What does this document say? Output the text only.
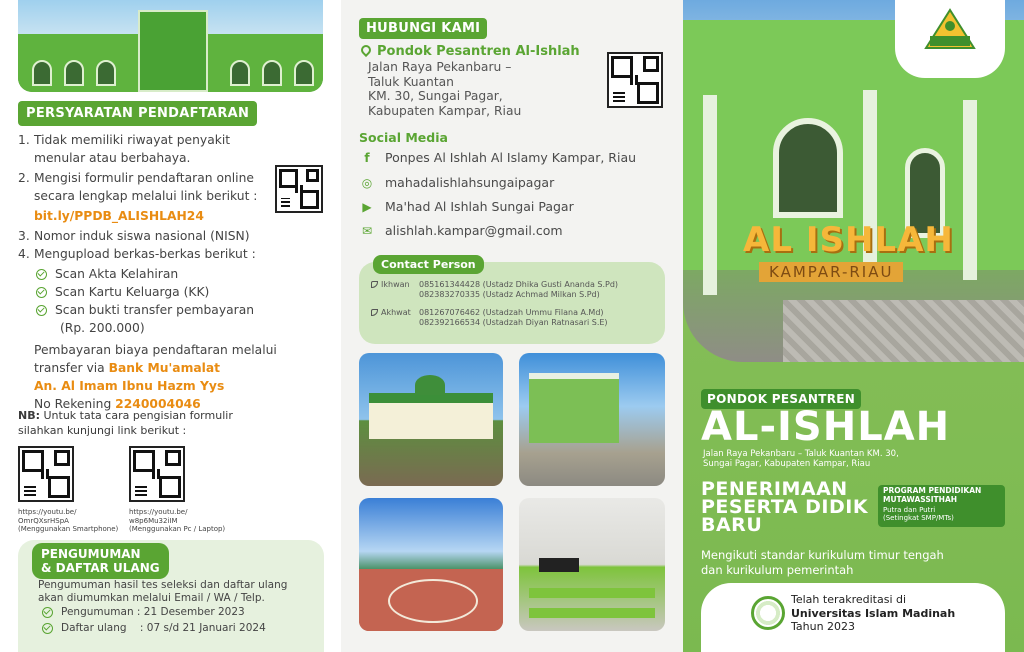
PERSYARATAN PENDAFTARAN
1. Tidak memiliki riwayat penyakit menular atau berbahaya.
2. Mengisi formulir pendaftaran online secara lengkap melalui link berikut :
bit.ly/PPDB_ALISHLAH24
3. Nomor induk siswa nasional (NISN)
4. Mengupload berkas-berkas berikut :
Scan Akta Kelahiran
Scan Kartu Keluarga (KK)
Scan bukti transfer pembayaran
(Rp. 200.000)
Pembayaran biaya pendaftaran melalui
transfer via Bank Mu'amalat
An. Al Imam Ibnu Hazm Yys
No Rekening 2240004046
NB: Untuk tata cara pengisian formulir silahkan kunjungi link berikut :
https://youtu.be/
OmrQXsrHSpA
(Menggunakan Smartphone)
https://youtu.be/
w8p6Mu32iIM
(Menggunakan Pc / Laptop)
PENGUMUMAN
& DAFTAR ULANG
Pengumuman hasil tes seleksi dan daftar ulang akan diumumkan melalui Email / WA / Telp.
Pengumuman : 21 Desember 2023
Daftar ulang    : 07 s/d 21 Januari 2024
HUBUNGI KAMI
Pondok Pesantren Al-Ishlah
Jalan Raya Pekanbaru –
Taluk Kuantan
KM. 30, Sungai Pagar,
Kabupaten Kampar, Riau
Social Media
f	Ponpes Al Ishlah Al Islamy Kampar, Riau
◎ mahadalishlahsungaipagar
▶ Ma'had Al Ishlah Sungai Pagar
✉ alishlah.kampar@gmail.com
Contact Person
Ikhwan 085161344428 (Ustadz Dhika Gusti Ananda S.Pd)
082383270335 (Ustadz Achmad Milkan S.Pd)
Akhwat 081267076462 (Ustadzah Ummu Filana A.Md)
082392166534 (Ustadzah Diyan Ratnasari S.E)
AL ISHLAH
KAMPAR-RIAU
PONDOK PESANTREN
AL-ISHLAH
Jalan Raya Pekanbaru – Taluk Kuantan KM. 30,
Sungai Pagar, Kabupaten Kampar, Riau
PENERIMAAN
PESERTA DIDIK
BARU
PROGRAM PENDIDIKAN
MUTAWASSITHAH
Putra dan Putri
(Setingkat SMP/MTs)
Mengikuti standar kurikulum timur tengah
dan kurikulum pemerintah
Telah terakreditasi di
Universitas Islam Madinah
Tahun 2023
